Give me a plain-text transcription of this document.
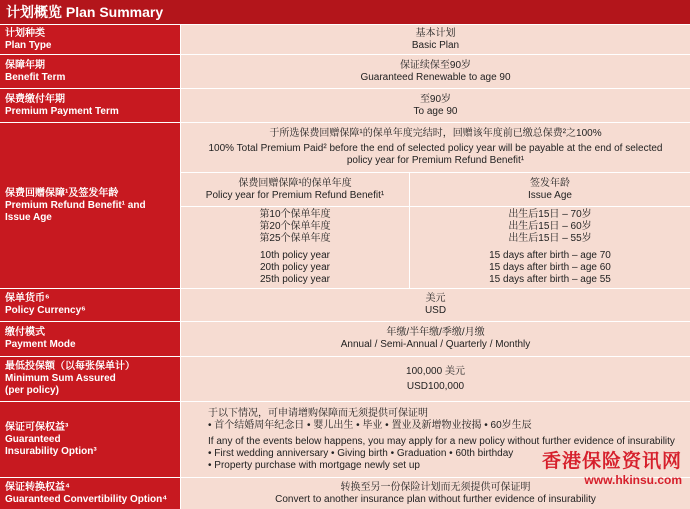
计划概览 Plan Summary
计划种类
Plan Type
基本计划
Basic Plan
保障年期
Benefit Term
保证续保至90岁
Guaranteed Renewable to age 90
保费缴付年期
Premium Payment Term
至90岁
To age 90
保费回赠保障¹及签发年龄
Premium Refund Benefit¹ and
Issue Age
于所选保费回赠保障¹的保单年度完结时，回赠该年度前已缴总保费²之100%
100% Total Premium Paid² before the end of selected policy year will be payable at the end of selected
policy year for Premium Refund Benefit¹
保费回赠保障¹的保单年度
Policy year for Premium Refund Benefit¹
签发年龄
Issue Age
第10个保单年度
第20个保单年度
第25个保单年度
10th policy year
20th policy year
25th policy year
出生后15日 – 70岁
出生后15日 – 60岁
出生后15日 – 55岁
15 days after birth – age 70
15 days after birth – age 60
15 days after birth – age 55
保单货币⁶
Policy Currency⁶
美元
USD
缴付模式
Payment Mode
年缴/半年缴/季缴/月缴
Annual / Semi-Annual / Quarterly / Monthly
最低投保额（以每张保单计）
Minimum Sum Assured
(per policy)
100,000 美元
USD100,000
保证可保权益³
Guaranteed
Insurability Option³
于以下情况，可申请增购保障而无须提供可保证明
• 首个结婚周年纪念日 • 婴儿出生 • 毕业 • 置业及新增物业按揭 • 60岁生辰
If any of the events below happens, you may apply for a new policy without further evidence of insurability
• First wedding anniversary • Giving birth • Graduation • 60th birthday
• Property purchase with mortgage newly set up
保证转换权益⁴
Guaranteed Convertibility Option⁴
转换至另一份保险计划而无须提供可保证明
Convert to another insurance plan without further evidence of insurability
香港保险资讯网
www.hkinsu.com
